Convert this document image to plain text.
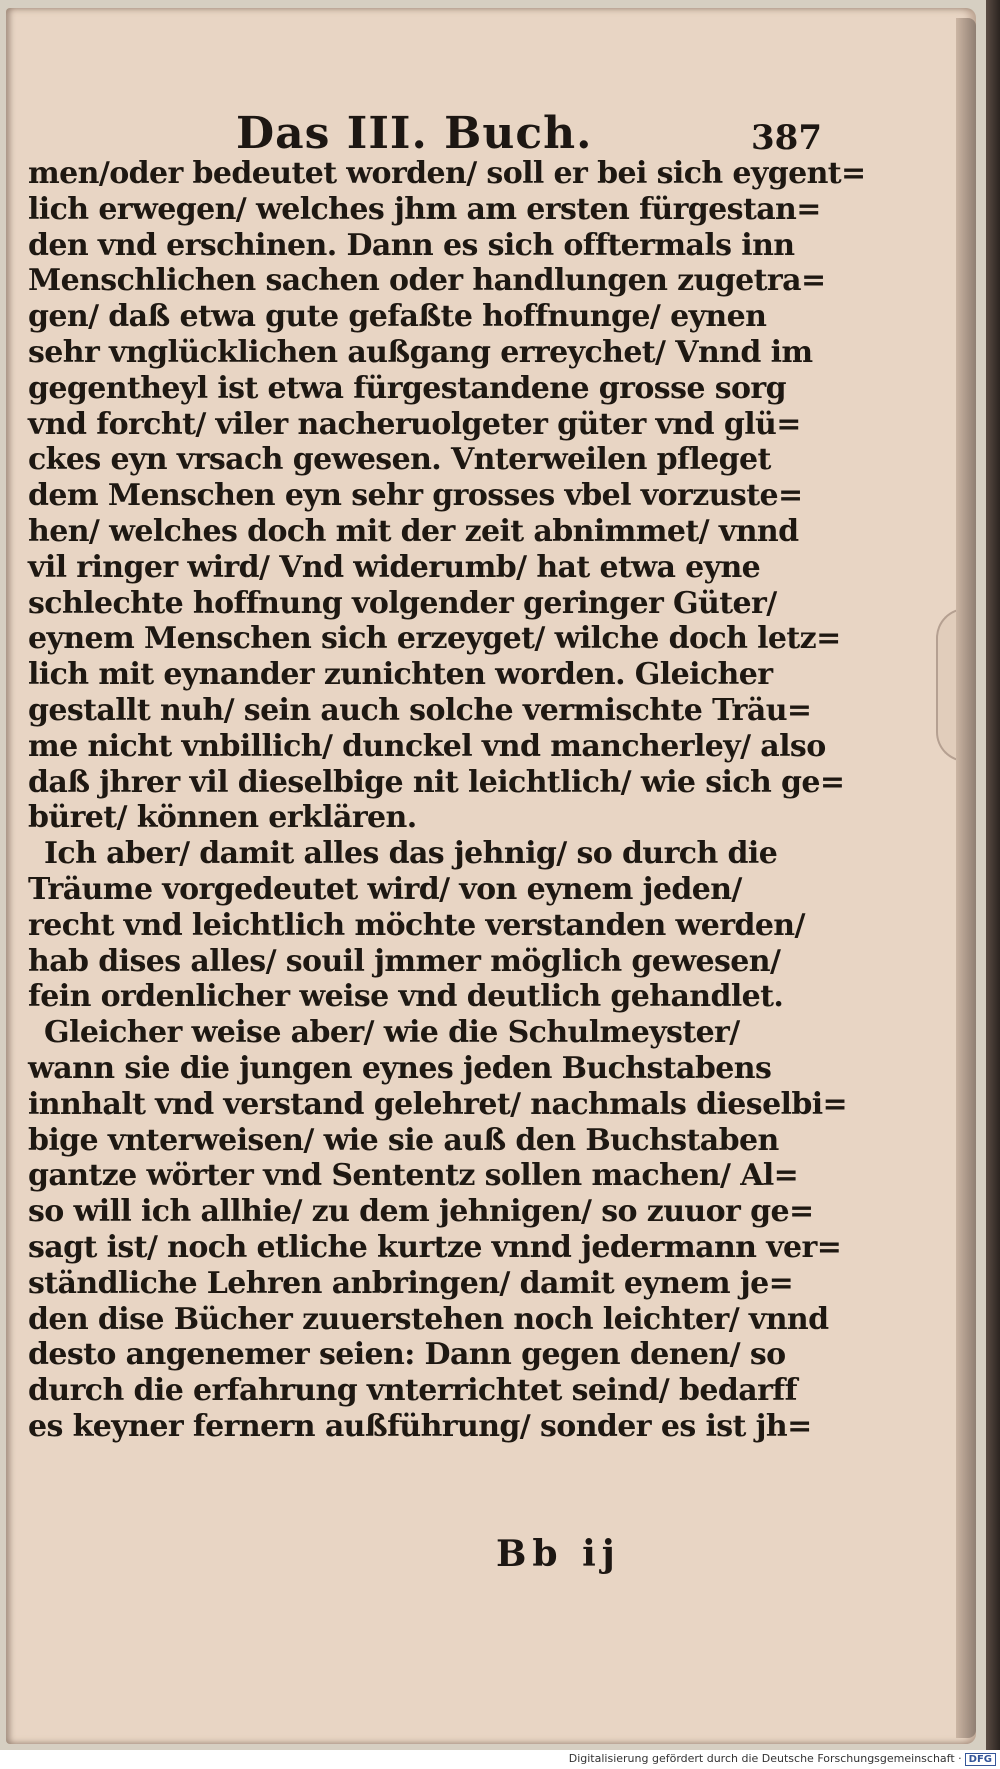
Das III. Buch.	387
men/oder bedeutet worden/ soll er bei sich eygent=
lich erwegen/ welches jhm am ersten fürgestan=
den vnd erschinen. Dann es sich offtermals inn
Menschlichen sachen oder handlungen zugetra=
gen/ daß etwa gute gefaßte hoffnunge/ eynen
sehr vnglücklichen außgang erreychet/ Vnnd im
gegentheyl ist etwa fürgestandene grosse sorg
vnd forcht/ viler nacheruolgeter güter vnd glü=
ckes eyn vrsach gewesen. Vnterweilen pfleget
dem Menschen eyn sehr grosses vbel vorzuste=
hen/ welches doch mit der zeit abnimmet/ vnnd
vil ringer wird/ Vnd widerumb/ hat etwa eyne
schlechte hoffnung volgender geringer Güter/
eynem Menschen sich erzeyget/ wilche doch letz=
lich mit eynander zunichten worden. Gleicher
gestallt nuh/ sein auch solche vermischte Träu=
me nicht vnbillich/ dunckel vnd mancherley/ also
daß jhrer vil dieselbige nit leichtlich/ wie sich ge=
büret/ können erklären.
Ich aber/ damit alles das jehnig/ so durch die
Träume vorgedeutet wird/ von eynem jeden/
recht vnd leichtlich möchte verstanden werden/
hab dises alles/ souil jmmer möglich gewesen/
fein ordenlicher weise vnd deutlich gehandlet.
Gleicher weise aber/ wie die Schulmeyster/
wann sie die jungen eynes jeden Buchstabens
innhalt vnd verstand gelehret/ nachmals dieselbi=
bige vnterweisen/ wie sie auß den Buchstaben
gantze wörter vnd Sententz sollen machen/ Al=
so will ich allhie/ zu dem jehnigen/ so zuuor ge=
sagt ist/ noch etliche kurtze vnnd jedermann ver=
ständliche Lehren anbringen/ damit eynem je=
den dise Bücher zuuerstehen noch leichter/ vnnd
desto angenemer seien: Dann gegen denen/ so
durch die erfahrung vnterrichtet seind/ bedarff
es keyner fernern außführung/ sonder es ist jh=
Bb ij
Digitalisierung gefördert durch die Deutsche Forschungsgemeinschaft · DFG
